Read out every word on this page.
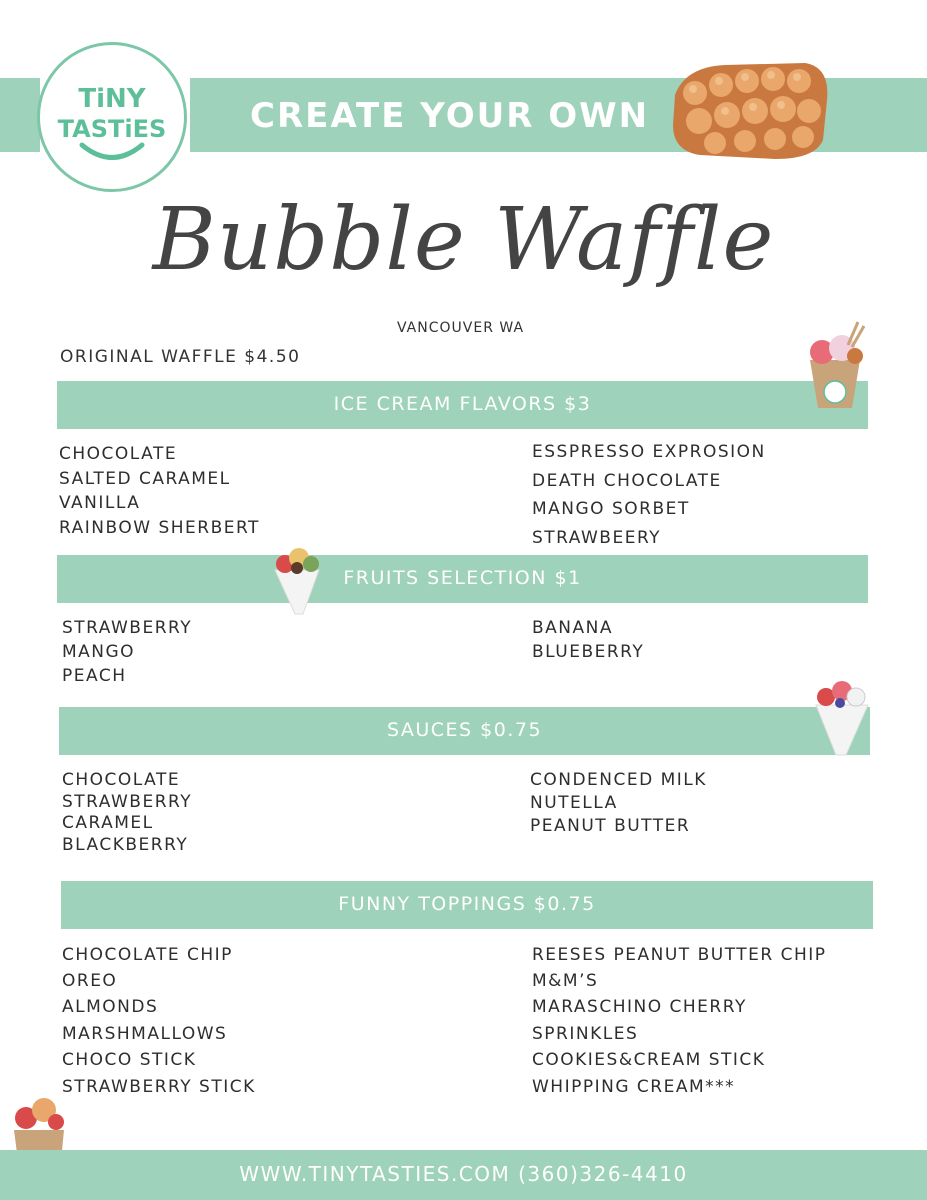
CREATE YOUR OWN
TiNY
TASTiES
Bubble Waffle
VANCOUVER WA
ORIGINAL WAFFLE $4.50
ICE CREAM FLAVORS $3
CHOCOLATE
SALTED CARAMEL
VANILLA
RAINBOW SHERBERT
ESSPRESSO EXPROSION
DEATH CHOCOLATE
MANGO SORBET
STRAWBEERY
FRUITS SELECTION $1
STRAWBERRY
MANGO
PEACH
BANANA
BLUEBERRY
SAUCES $0.75
CHOCOLATE
STRAWBERRY
CARAMEL
BLACKBERRY
CONDENCED MILK
NUTELLA
PEANUT BUTTER
FUNNY TOPPINGS $0.75
CHOCOLATE CHIP
OREO
ALMONDS
MARSHMALLOWS
CHOCO STICK
STRAWBERRY STICK
REESES PEANUT BUTTER CHIP
M&M’S
MARASCHINO CHERRY
SPRINKLES
COOKIES&CREAM STICK
WHIPPING CREAM***
WWW.TINYTASTIES.COM (360)326-4410
